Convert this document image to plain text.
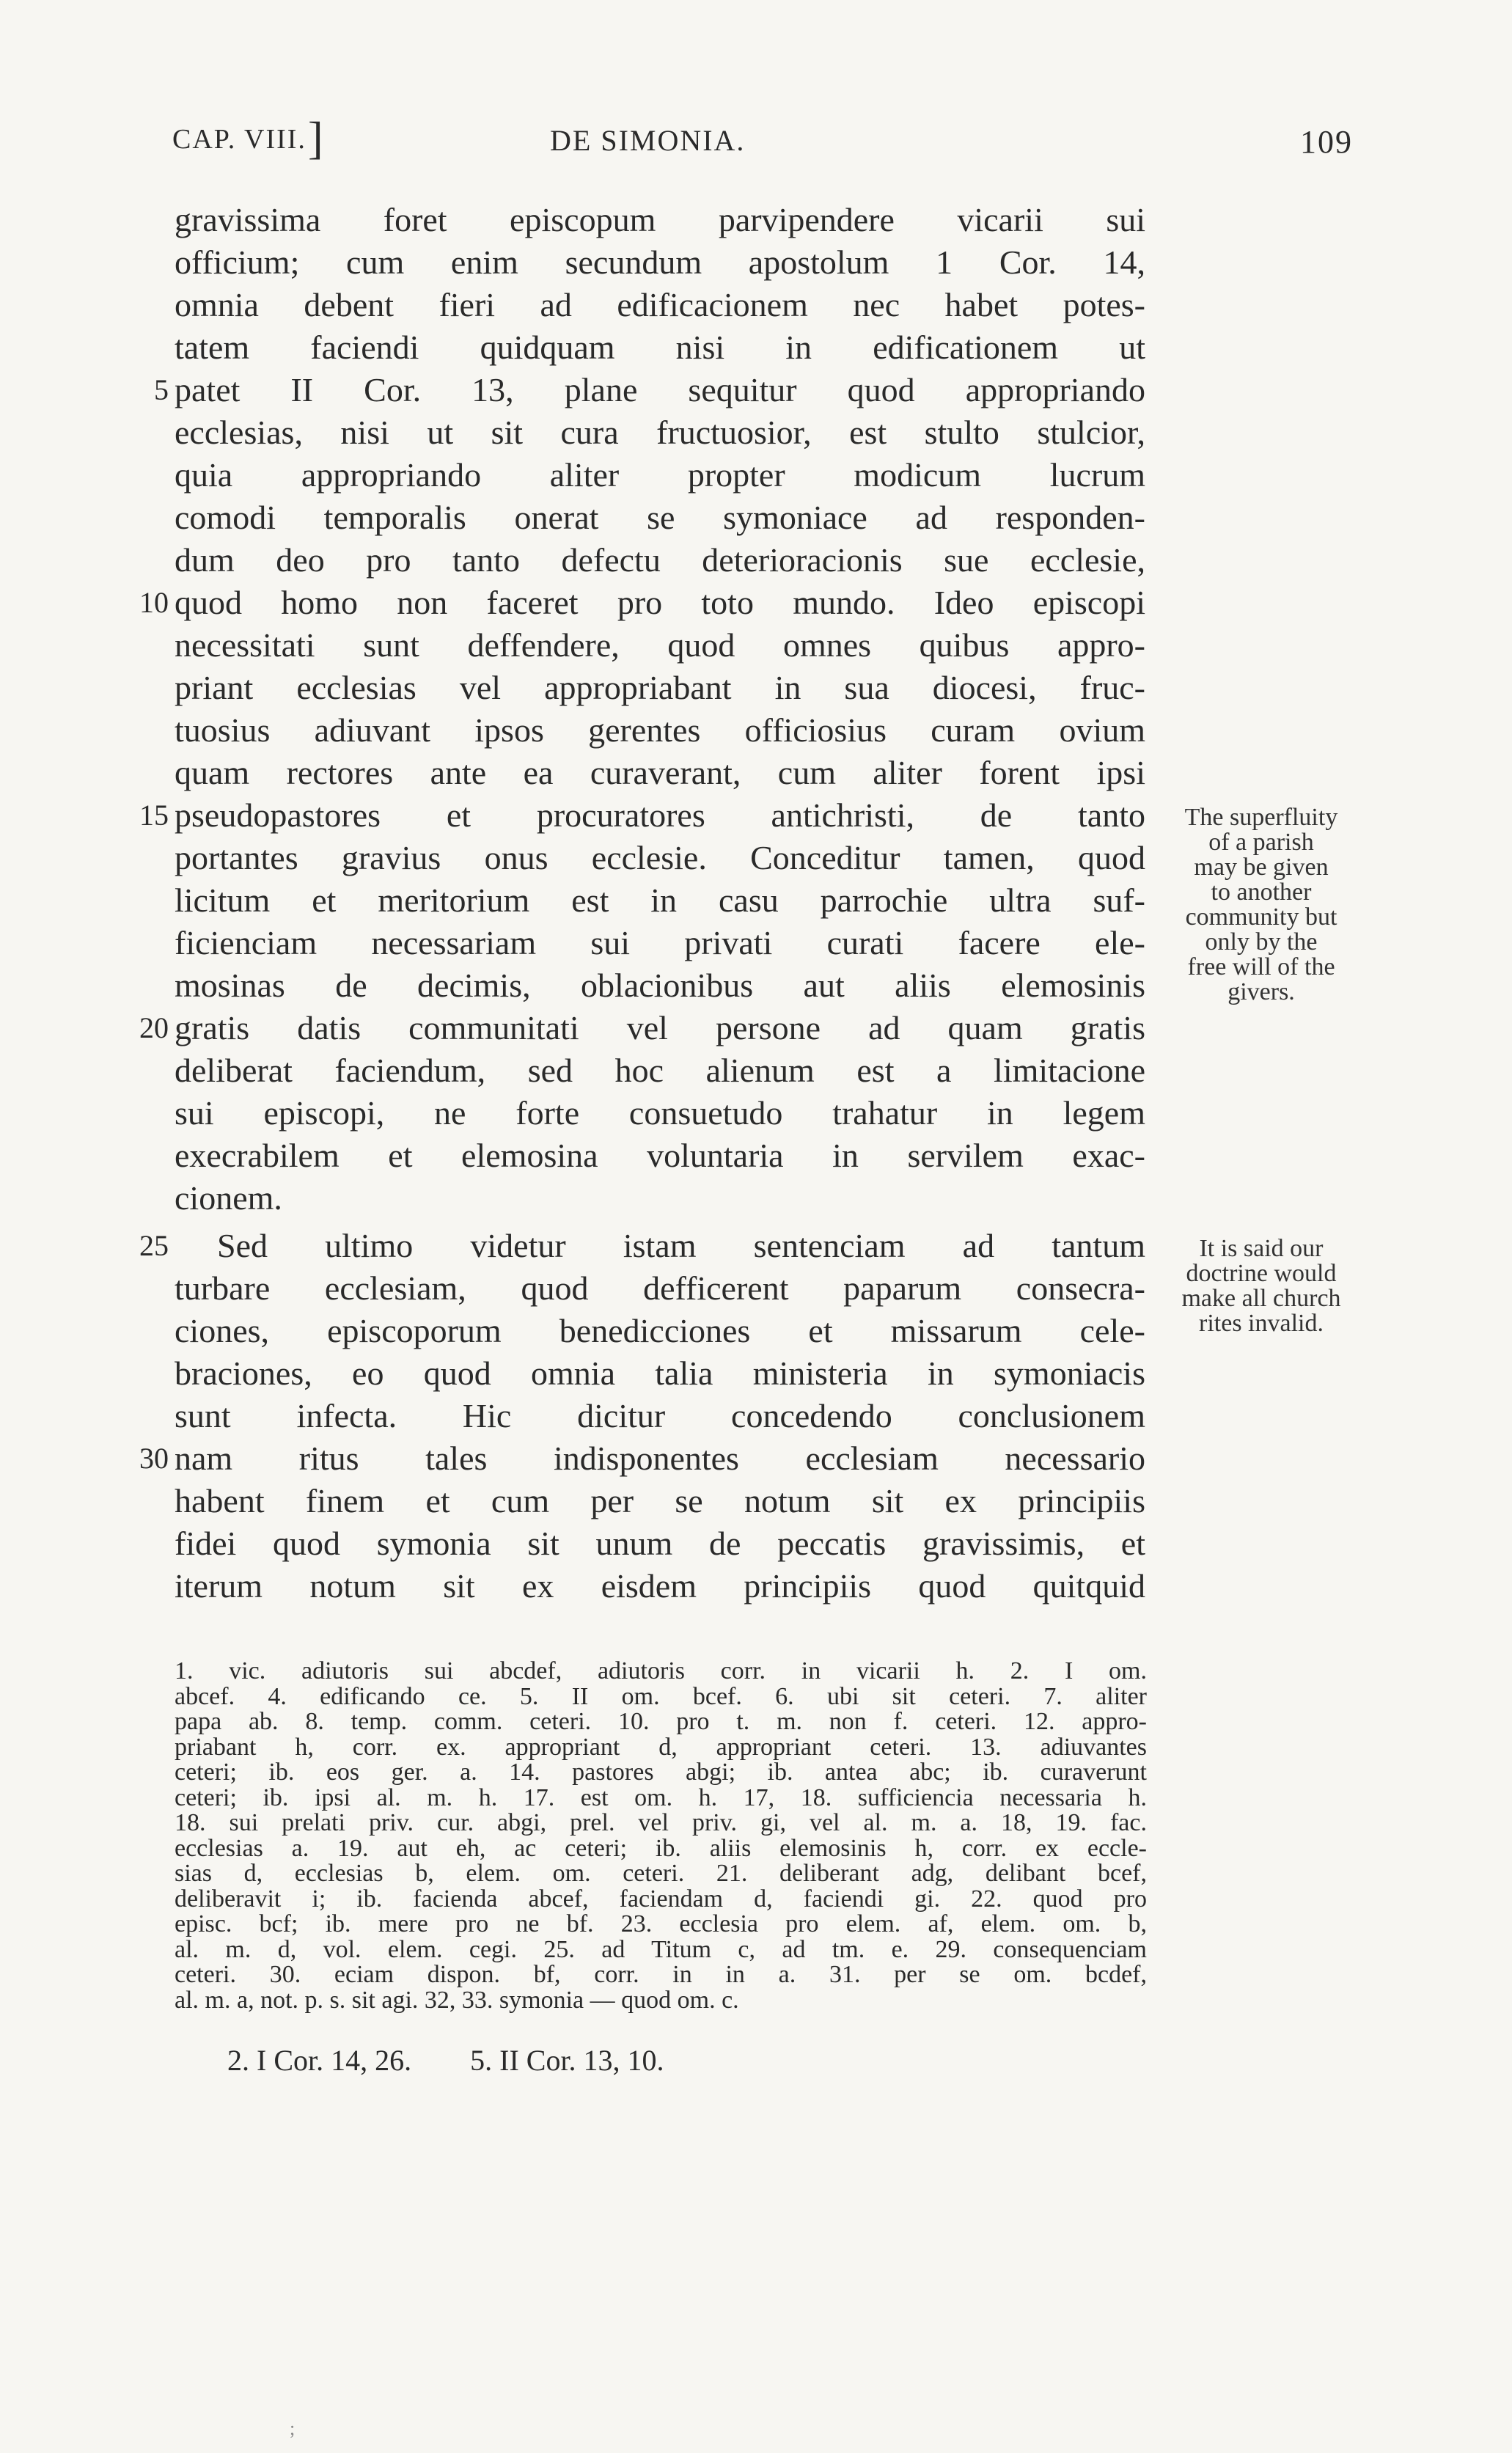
CAP. VIII. ]	DE SIMONIA.	109
gravissima foret episcopum parvipendere vicarii sui
officium; cum enim secundum apostolum 1 Cor. 14,
omnia debent fieri ad edificacionem nec habet potes-
tatem faciendi quidquam nisi in edificationem ut
patet II Cor. 13, plane sequitur quod appropriando
ecclesias, nisi ut sit cura fructuosior, est stulto stulcior,
quia appropriando aliter propter modicum lucrum
comodi temporalis onerat se symoniace ad responden-
dum deo pro tanto defectu deterioracionis sue ecclesie,
quod homo non faceret pro toto mundo. Ideo episcopi
necessitati sunt deffendere, quod omnes quibus appro-
priant ecclesias vel appropriabant in sua diocesi, fruc-
tuosius adiuvant ipsos gerentes officiosius curam ovium
quam rectores ante ea curaverant, cum aliter forent ipsi
pseudopastores et procuratores antichristi, de tanto
portantes gravius onus ecclesie. Conceditur tamen, quod
licitum et meritorium est in casu parrochie ultra suf-
ficienciam necessariam sui privati curati facere ele-
mosinas de decimis, oblacionibus aut aliis elemosinis
gratis datis communitati vel persone ad quam gratis
deliberat faciendum, sed hoc alienum est a limitacione
sui episcopi, ne forte consuetudo trahatur in legem
execrabilem et elemosina voluntaria in servilem exac-
cionem.
Sed ultimo videtur istam sentenciam ad tantum
turbare ecclesiam, quod defficerent paparum consecra-
ciones, episcoporum benedicciones et missarum cele-
braciones, eo quod omnia talia ministeria in symoniacis
sunt infecta. Hic dicitur concedendo conclusionem
nam ritus tales indisponentes ecclesiam necessario
habent finem et cum per se notum sit ex principiis
fidei quod symonia sit unum de peccatis gravissimis, et
iterum notum sit ex eisdem principiis quod quitquid
5
10
15
20
25
30
The superfluity
of a parish
may be given
to another
community but
only by the
free will of the
givers.
It is said our
doctrine would
make all church
rites invalid.
1. vic. adiutoris sui abcdef, adiutoris corr. in vicarii h. 2. I om.
abcef. 4. edificando ce. 5. II om. bcef. 6. ubi sit ceteri. 7. aliter
papa ab. 8. temp. comm. ceteri. 10. pro t. m. non f. ceteri. 12. appro-
priabant h, corr. ex. appropriant d, appropriant ceteri. 13. adiuvantes
ceteri; ib. eos ger. a. 14. pastores abgi; ib. antea abc; ib. curaverunt
ceteri; ib. ipsi al. m. h. 17. est om. h. 17, 18. sufficiencia necessaria h.
18. sui prelati priv. cur. abgi, prel. vel priv. gi, vel al. m. a. 18, 19. fac.
ecclesias a. 19. aut eh, ac ceteri; ib. aliis elemosinis h, corr. ex eccle-
sias d, ecclesias b, elem. om. ceteri. 21. deliberant adg, delibant bcef,
deliberavit i; ib. facienda abcef, faciendam d, faciendi gi. 22. quod pro
episc. bcf; ib. mere pro ne bf. 23. ecclesia pro elem. af, elem. om. b,
al. m. d, vol. elem. cegi. 25. ad Titum c, ad tm. e. 29. consequenciam
ceteri. 30. eciam dispon. bf, corr. in in a. 31. per se om. bcdef,
al. m. a, not. p. s. sit agi. 32, 33. symonia — quod om. c.
2. I Cor. 14, 26. 5. II Cor. 13, 10.
;
